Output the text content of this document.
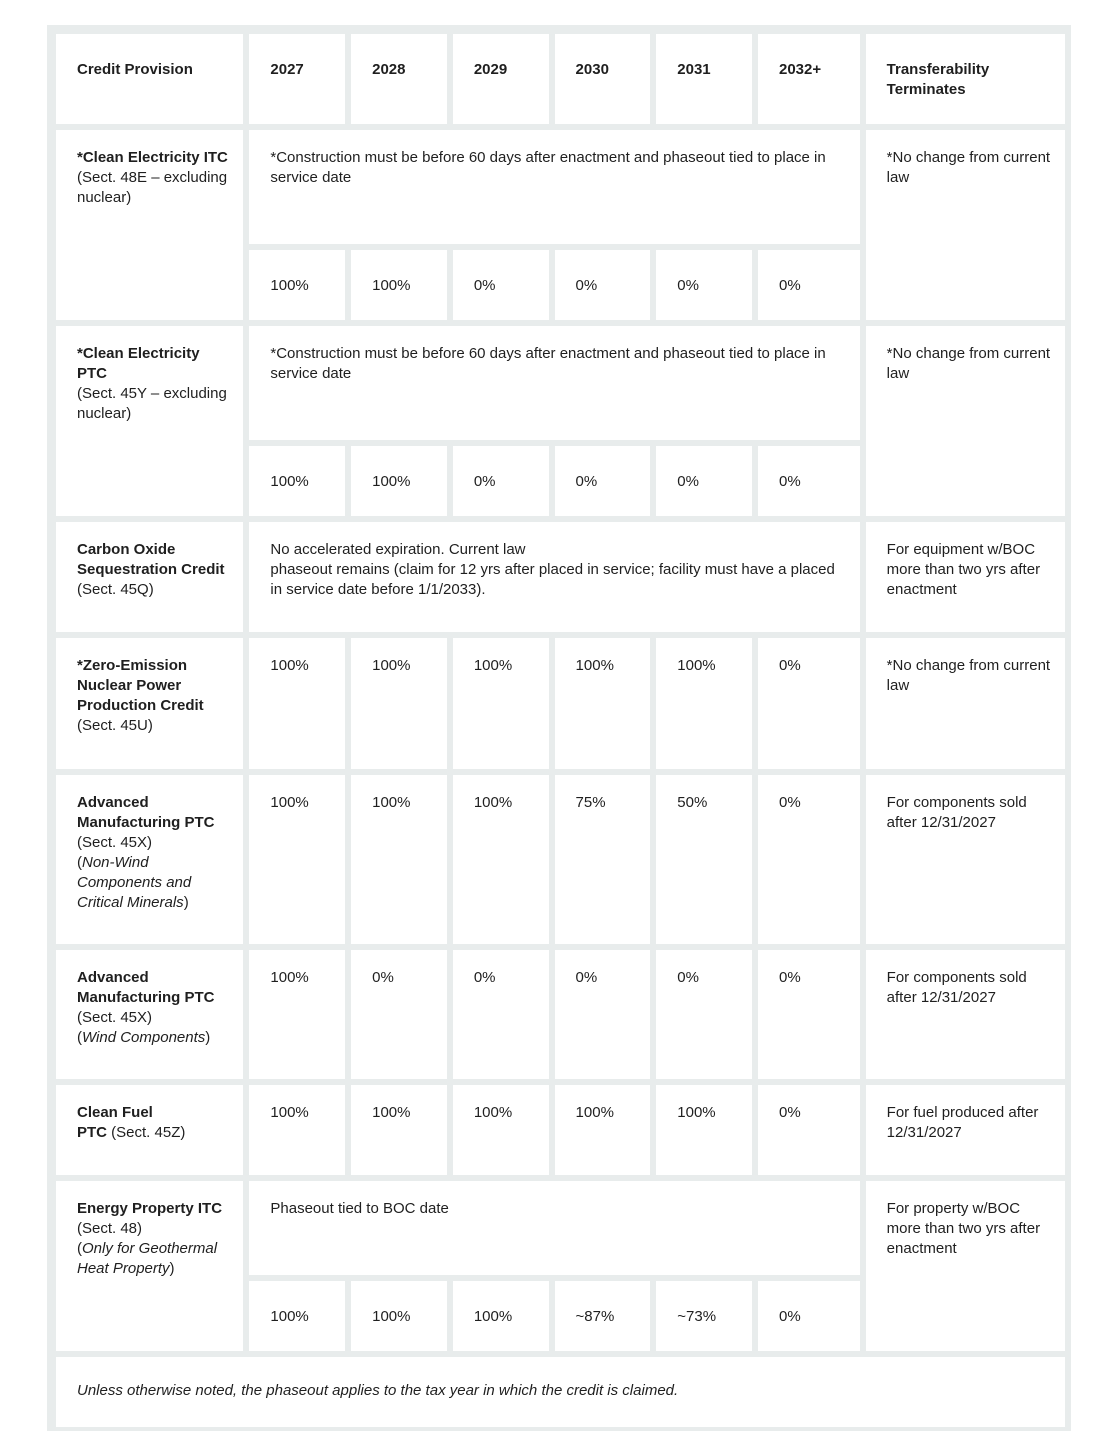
Credit Provision	2027	2028	2029	2030	2031	2032+	Transferability Terminates
*Clean Electricity ITC
(Sect. 48E – excluding nuclear)	*Construction must be before 60 days after enactment and phaseout tied to place in service date						*No change from current law
	100%	100%	0%	0%	0%	0%	
*Clean Electricity PTC
(Sect. 45Y – excluding nuclear)	*Construction must be before 60 days after enactment and phaseout tied to place in service date						*No change from current law
	100%	100%	0%	0%	0%	0%	
Carbon Oxide Sequestration Credit (Sect. 45Q)	No accelerated expiration. Current law
phaseout remains (claim for 12 yrs after placed in service; facility must have a placed in service date before 1/1/2033).						For equipment w/BOC more than two yrs after enactment
*Zero-Emission Nuclear Power Production Credit (Sect. 45U)	100%	100%	100%	100%	100%	0%	*No change from current law
Advanced Manufacturing PTC
(Sect. 45X)
(Non-Wind Components and Critical Minerals)	100%	100%	100%	75%	50%	0%	For components sold after 12/31/2027
Advanced Manufacturing PTC
(Sect. 45X)
(Wind Components)	100%	0%	0%	0%	0%	0%	For components sold after 12/31/2027
Clean Fuel
PTC (Sect. 45Z)	100%	100%	100%	100%	100%	0%	For fuel produced after 12/31/2027
Energy Property ITC
(Sect. 48)
(Only for Geothermal Heat Property)	Phaseout tied to BOC date						For property w/BOC more than two yrs after enactment
	100%	100%	100%	~87%	~73%	0%	
Unless otherwise noted, the phaseout applies to the tax year in which the credit is claimed.							
